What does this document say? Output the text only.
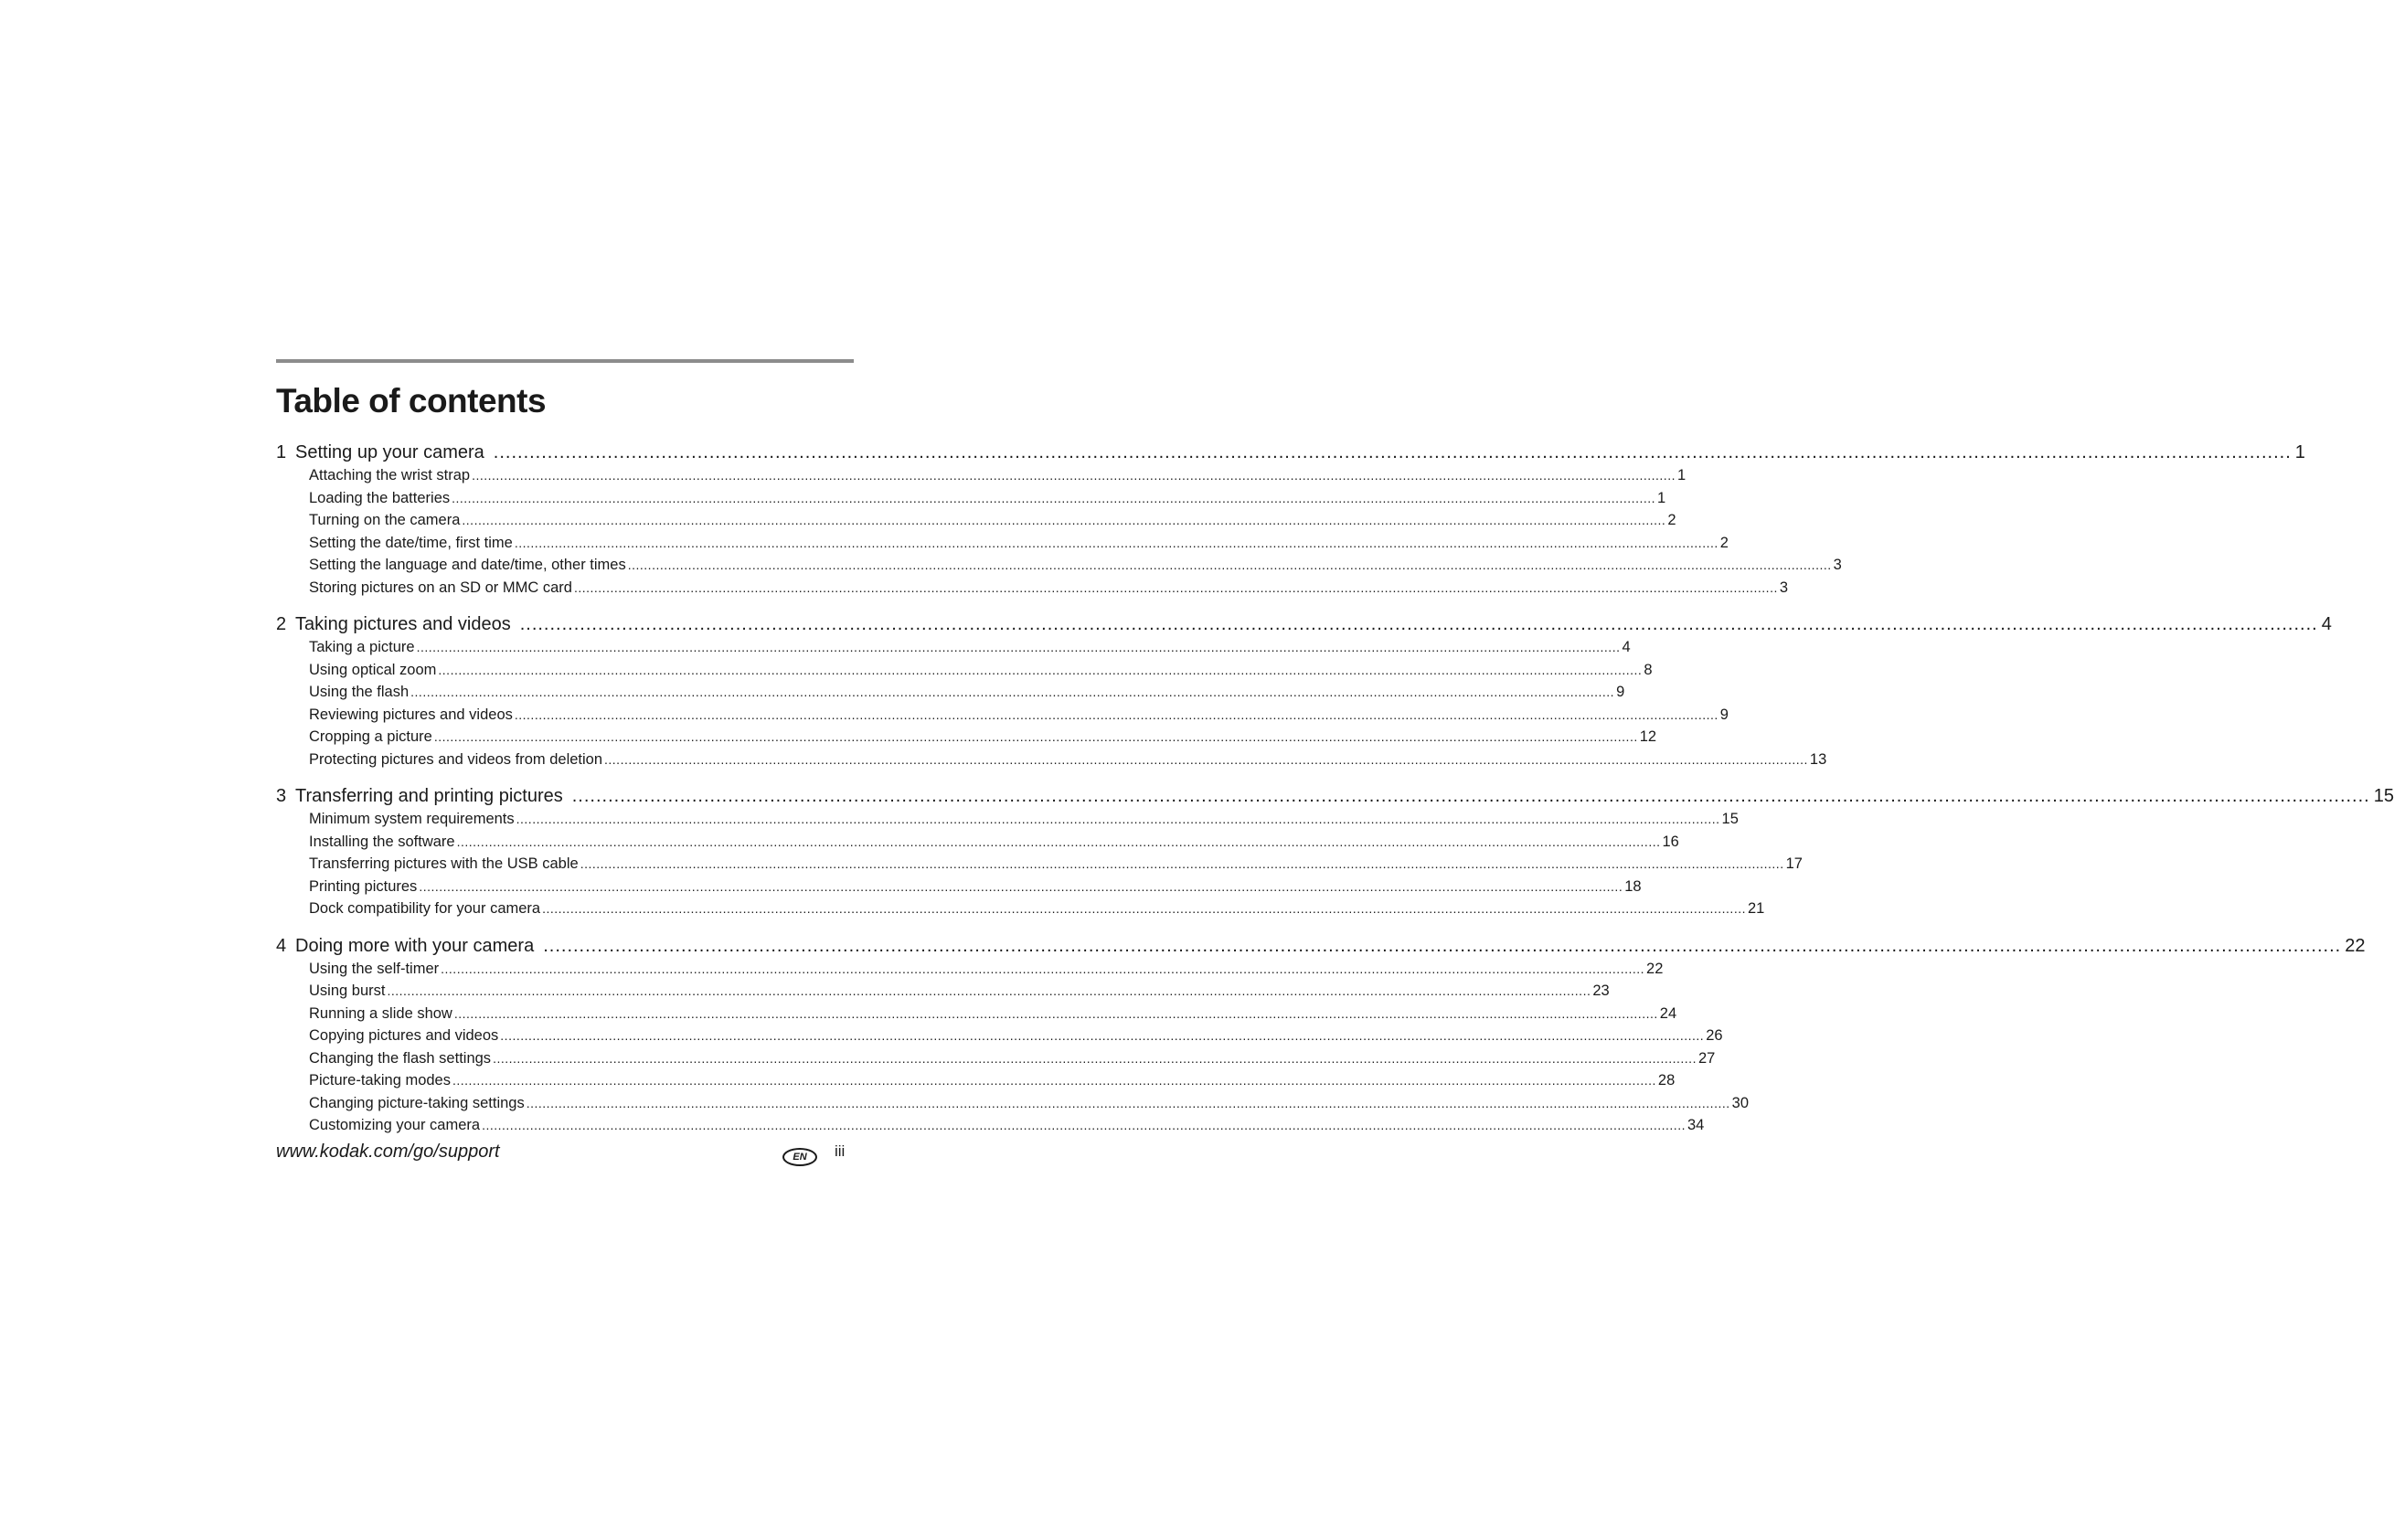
Table of contents
1 Setting up your camera ............................................................................................................................................................................................................................................................................................................ 1
Attaching the wrist strap ............................................................................................................................................................................................................................................................................................................ 1
Loading the batteries ............................................................................................................................................................................................................................................................................................................ 1
Turning on the camera ............................................................................................................................................................................................................................................................................................................ 2
Setting the date/time, first time ............................................................................................................................................................................................................................................................................................................ 2
Setting the language and date/time, other times ............................................................................................................................................................................................................................................................................................................ 3
Storing pictures on an SD or MMC card ............................................................................................................................................................................................................................................................................................................ 3
2 Taking pictures and videos ............................................................................................................................................................................................................................................................................................................ 4
Taking a picture ............................................................................................................................................................................................................................................................................................................ 4
Using optical zoom ............................................................................................................................................................................................................................................................................................................ 8
Using the flash ............................................................................................................................................................................................................................................................................................................ 9
Reviewing pictures and videos ............................................................................................................................................................................................................................................................................................................ 9
Cropping a picture ............................................................................................................................................................................................................................................................................................................ 12
Protecting pictures and videos from deletion ............................................................................................................................................................................................................................................................................................................ 13
3 Transferring and printing pictures ............................................................................................................................................................................................................................................................................................................ 15
Minimum system requirements ............................................................................................................................................................................................................................................................................................................ 15
Installing the software ............................................................................................................................................................................................................................................................................................................ 16
Transferring pictures with the USB cable ............................................................................................................................................................................................................................................................................................................ 17
Printing pictures ............................................................................................................................................................................................................................................................................................................ 18
Dock compatibility for your camera ............................................................................................................................................................................................................................................................................................................ 21
4 Doing more with your camera ............................................................................................................................................................................................................................................................................................................ 22
Using the self-timer ............................................................................................................................................................................................................................................................................................................ 22
Using burst ............................................................................................................................................................................................................................................................................................................ 23
Running a slide show ............................................................................................................................................................................................................................................................................................................ 24
Copying pictures and videos ............................................................................................................................................................................................................................................................................................................ 26
Changing the flash settings ............................................................................................................................................................................................................................................................................................................ 27
Picture-taking modes ............................................................................................................................................................................................................................................................................................................ 28
Changing picture-taking settings ............................................................................................................................................................................................................................................................................................................ 30
Customizing your camera ............................................................................................................................................................................................................................................................................................................ 34
www.kodak.com/go/support	EN	iii
